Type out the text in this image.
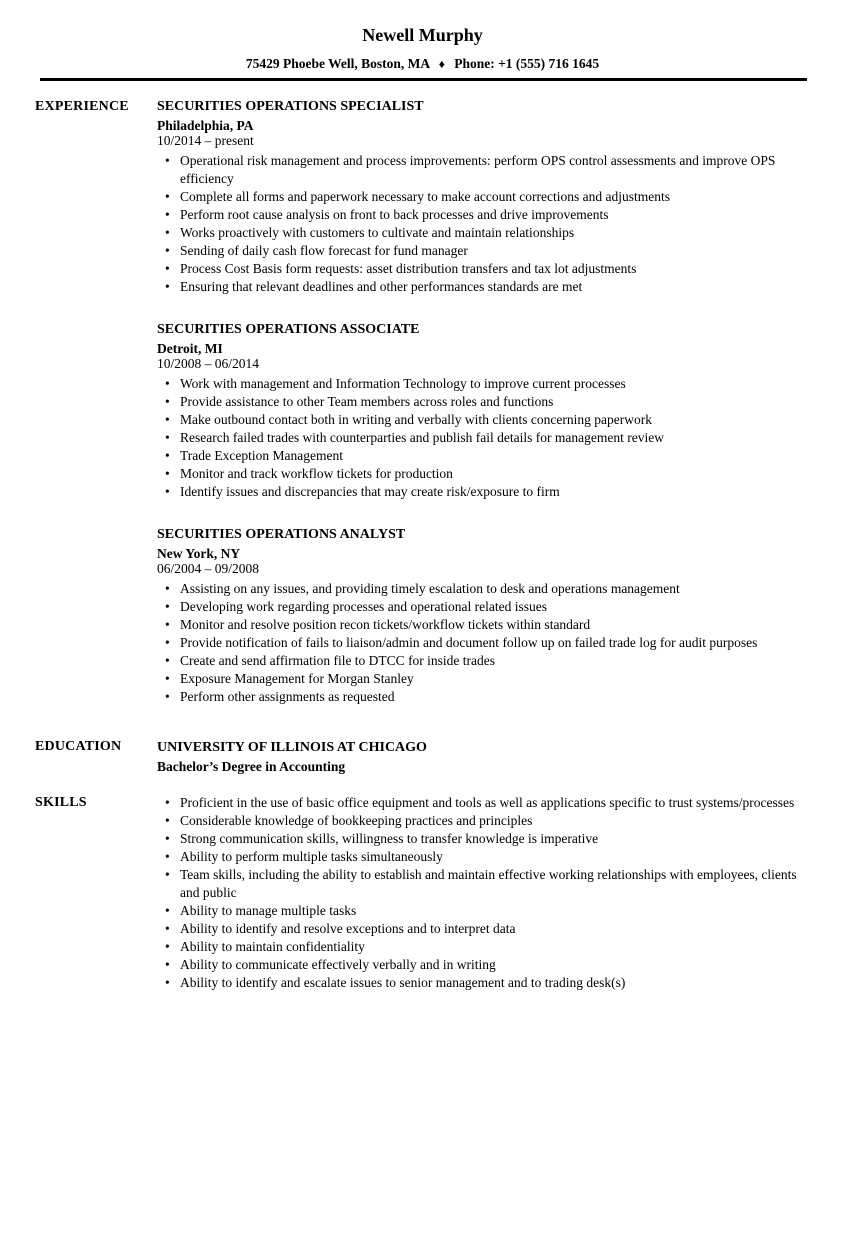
Newell Murphy

75429 Phoebe Well, Boston, MA ♦ Phone: +1 (555) 716 1645

EXPERIENCE	SECURITIES OPERATIONS SPECIALIST
Philadelphia, PA
10/2014 – present
• Operational risk management and process improvements: perform OPS control assessments and improve OPS efficiency
• Complete all forms and paperwork necessary to make account corrections and adjustments
• Perform root cause analysis on front to back processes and drive improvements
• Works proactively with customers to cultivate and maintain relationships
• Sending of daily cash flow forecast for fund manager
• Process Cost Basis form requests: asset distribution transfers and tax lot adjustments
• Ensuring that relevant deadlines and other performances standards are met
SECURITIES OPERATIONS ASSOCIATE
Detroit, MI
10/2008 – 06/2014
• Work with management and Information Technology to improve current processes
• Provide assistance to other Team members across roles and functions
• Make outbound contact both in writing and verbally with clients concerning paperwork
• Research failed trades with counterparties and publish fail details for management review
• Trade Exception Management
• Monitor and track workflow tickets for production
• Identify issues and discrepancies that may create risk/exposure to firm
SECURITIES OPERATIONS ANALYST
New York, NY
06/2004 – 09/2008
• Assisting on any issues, and providing timely escalation to desk and operations management
• Developing work regarding processes and operational related issues
• Monitor and resolve position recon tickets/workflow tickets within standard
• Provide notification of fails to liaison/admin and document follow up on failed trade log for audit purposes
• Create and send affirmation file to DTCC for inside trades
• Exposure Management for Morgan Stanley
• Perform other assignments as requested
EDUCATION	UNIVERSITY OF ILLINOIS AT CHICAGO
Bachelor’s Degree in Accounting
SKILLS	• Proficient in the use of basic office equipment and tools as well as applications specific to trust systems/processes
• Considerable knowledge of bookkeeping practices and principles
• Strong communication skills, willingness to transfer knowledge is imperative
• Ability to perform multiple tasks simultaneously
• Team skills, including the ability to establish and maintain effective working relationships with employees, clients and public
• Ability to manage multiple tasks
• Ability to identify and resolve exceptions and to interpret data
• Ability to maintain confidentiality
• Ability to communicate effectively verbally and in writing
• Ability to identify and escalate issues to senior management and to trading desk(s)
